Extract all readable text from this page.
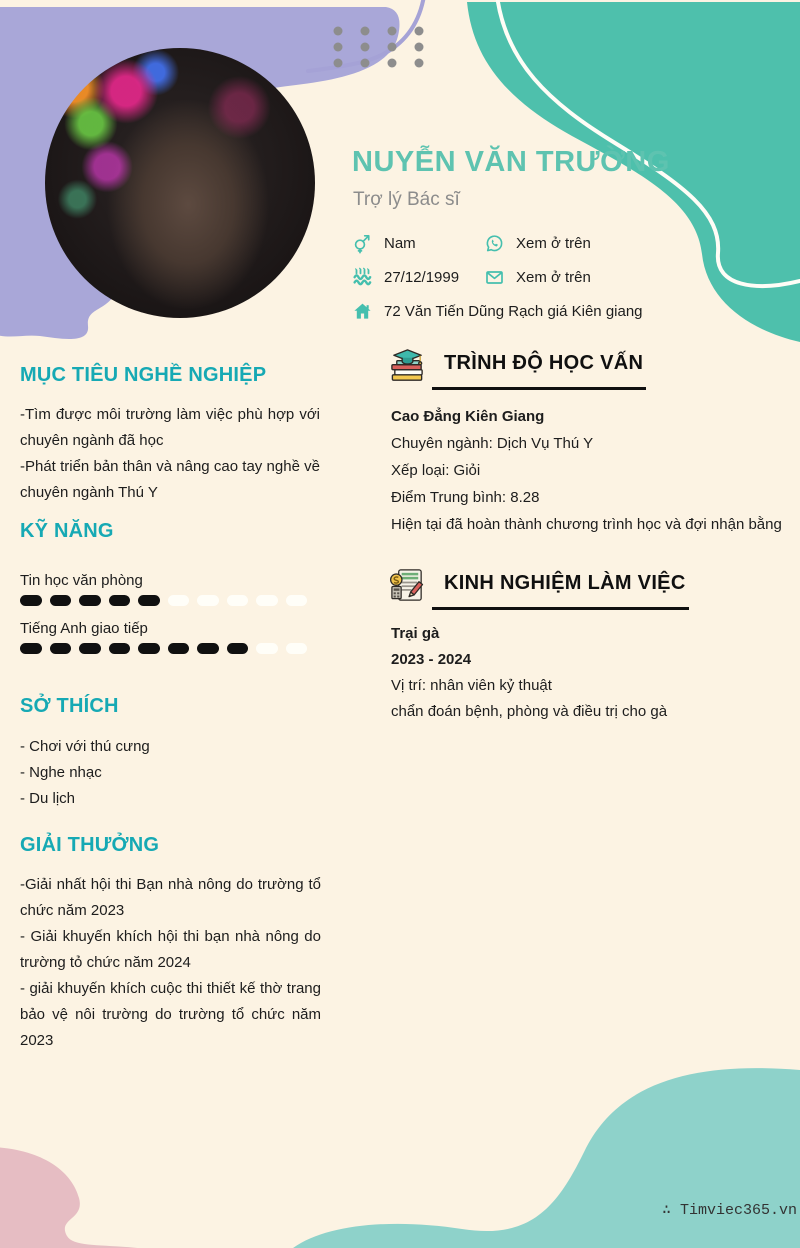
NUYỄN VĂN TRƯỜNG
Trợ lý Bác sĩ
Nam	Xem ở trên
27/12/1999	Xem ở trên
72 Văn Tiến Dũng Rạch giá Kiên giang
MỤC TIÊU NGHỀ NGHIỆP
-Tìm được môi trường làm việc phù hợp với chuyên ngành đã học
-Phát triển bản thân và nâng cao tay nghề về chuyên ngành Thú Y
KỸ NĂNG
Tin học văn phòng
Tiếng Anh giao tiếp
SỞ THÍCH
- Chơi với thú cưng
- Nghe nhạc
- Du lịch
GIẢI THƯỞNG
-Giải nhất hội thi Bạn nhà nông do trường tổ chức năm 2023
- Giải khuyến khích hội thi bạn nhà nông do trường tỏ chức năm 2024
- giải khuyến khích cuộc thi thiết kế thờ trang bảo vệ nôi trường do trường tổ chức năm 2023
TRÌNH ĐỘ HỌC VẤN
Cao Đẳng Kiên Giang
Chuyên ngành: Dịch Vụ Thú Y
Xếp loại: Giỏi
Điểm Trung bình: 8.28
Hiện tại đã hoàn thành chương trình học và đợi nhận bằng
KINH NGHIỆM LÀM VIỆC
Trại gà
2023 - 2024
Vị trí: nhân viên kỷ thuật
chẩn đoán bệnh, phòng và điều trị cho gà
∴ Timviec365.vn
